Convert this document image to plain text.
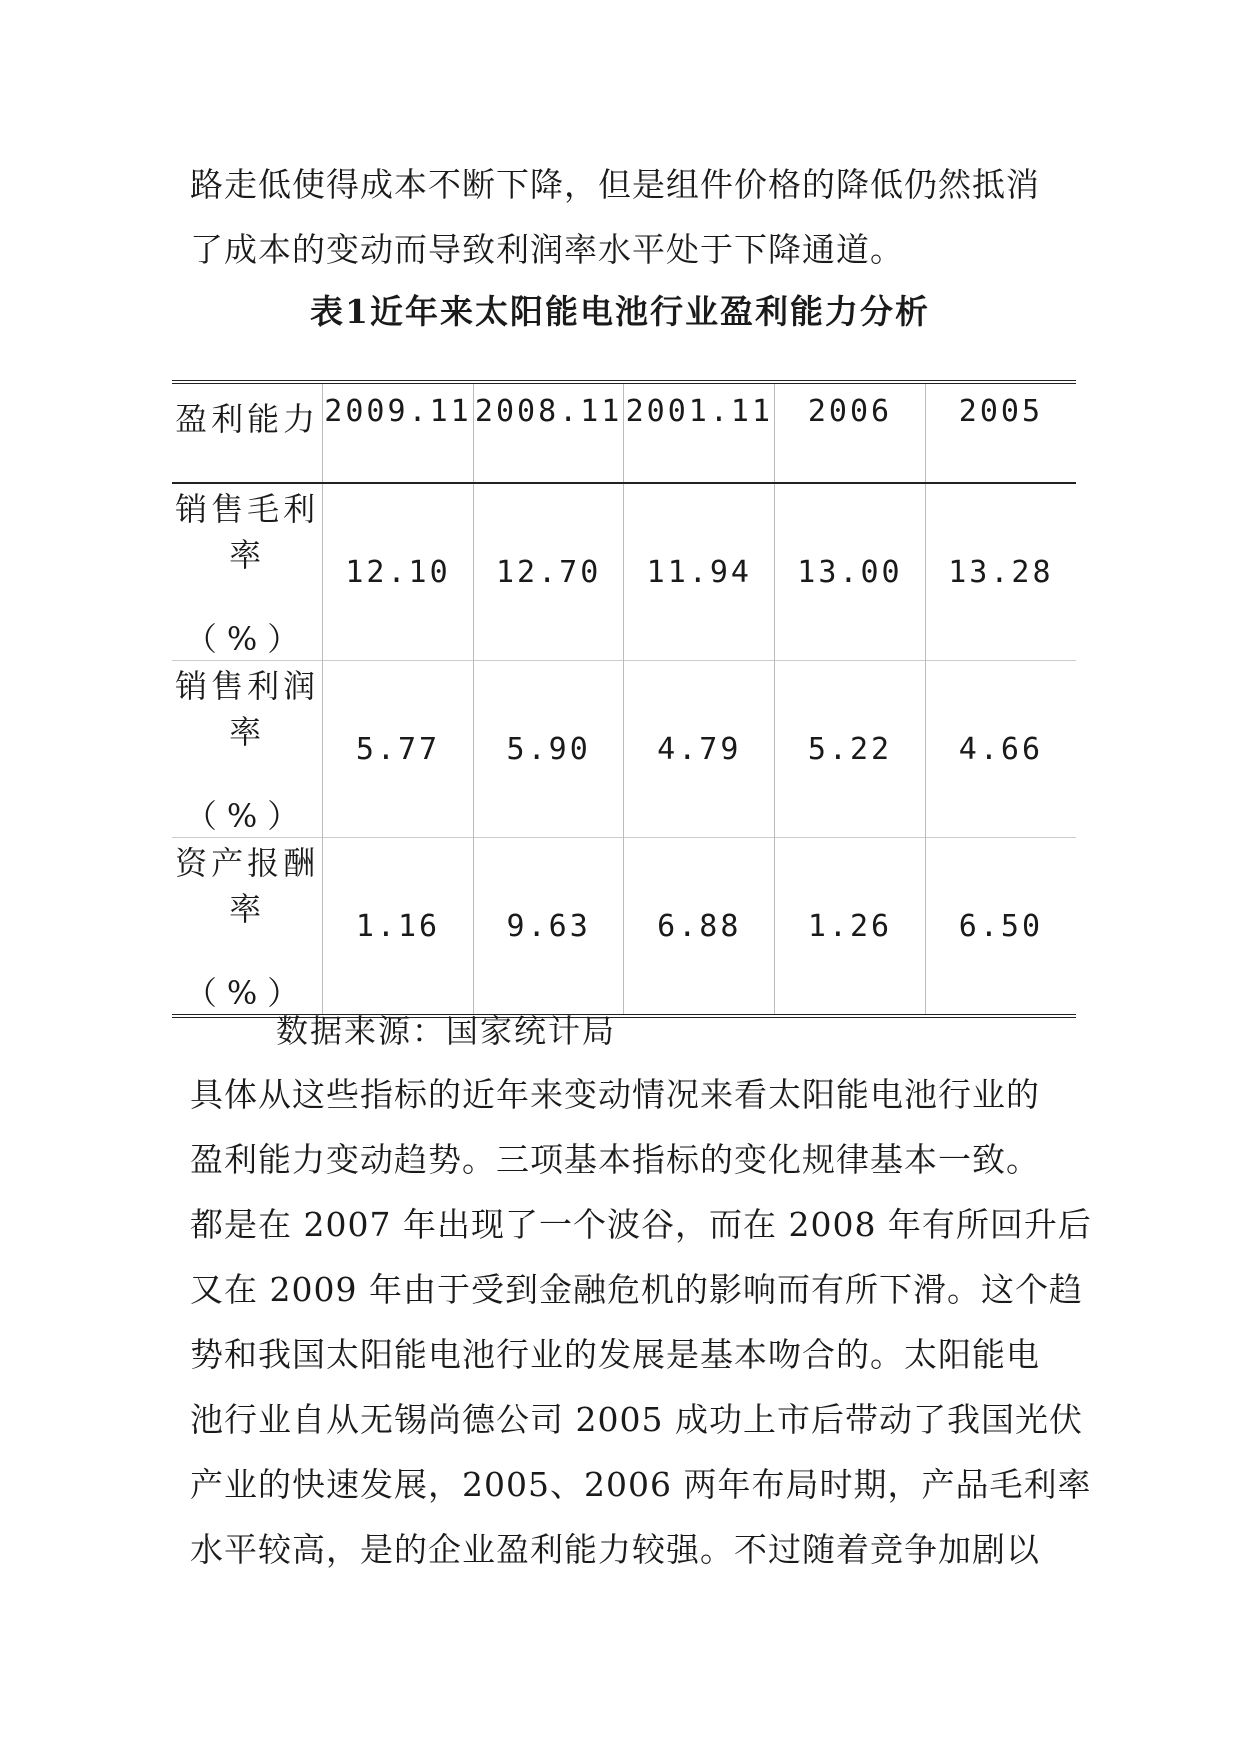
路走低使得成本不断下降，但是组件价格的降低仍然抵消
了成本的变动而导致利润率水平处于下降通道。
表1近年来太阳能电池行业盈利能力分析
盈利能力	2009.11	2008.11	2001.11	2006	2005

销售毛利率
（%）	12.10	12.70	11.94	13.00	13.28

销售利润率
（%）	5.77	5.90	4.79	5.22	4.66

资产报酬率
（%）	1.16	9.63	6.88	1.26	6.50

数据来源：国家统计局

具体从这些指标的近年来变动情况来看太阳能电池行业的
盈利能力变动趋势。三项基本指标的变化规律基本一致。
都是在 2007 年出现了一个波谷，而在 2008 年有所回升后
又在 2009 年由于受到金融危机的影响而有所下滑。这个趋
势和我国太阳能电池行业的发展是基本吻合的。太阳能电
池行业自从无锡尚德公司 2005 成功上市后带动了我国光伏
产业的快速发展，2005、2006 两年布局时期，产品毛利率
水平较高，是的企业盈利能力较强。不过随着竞争加剧以
